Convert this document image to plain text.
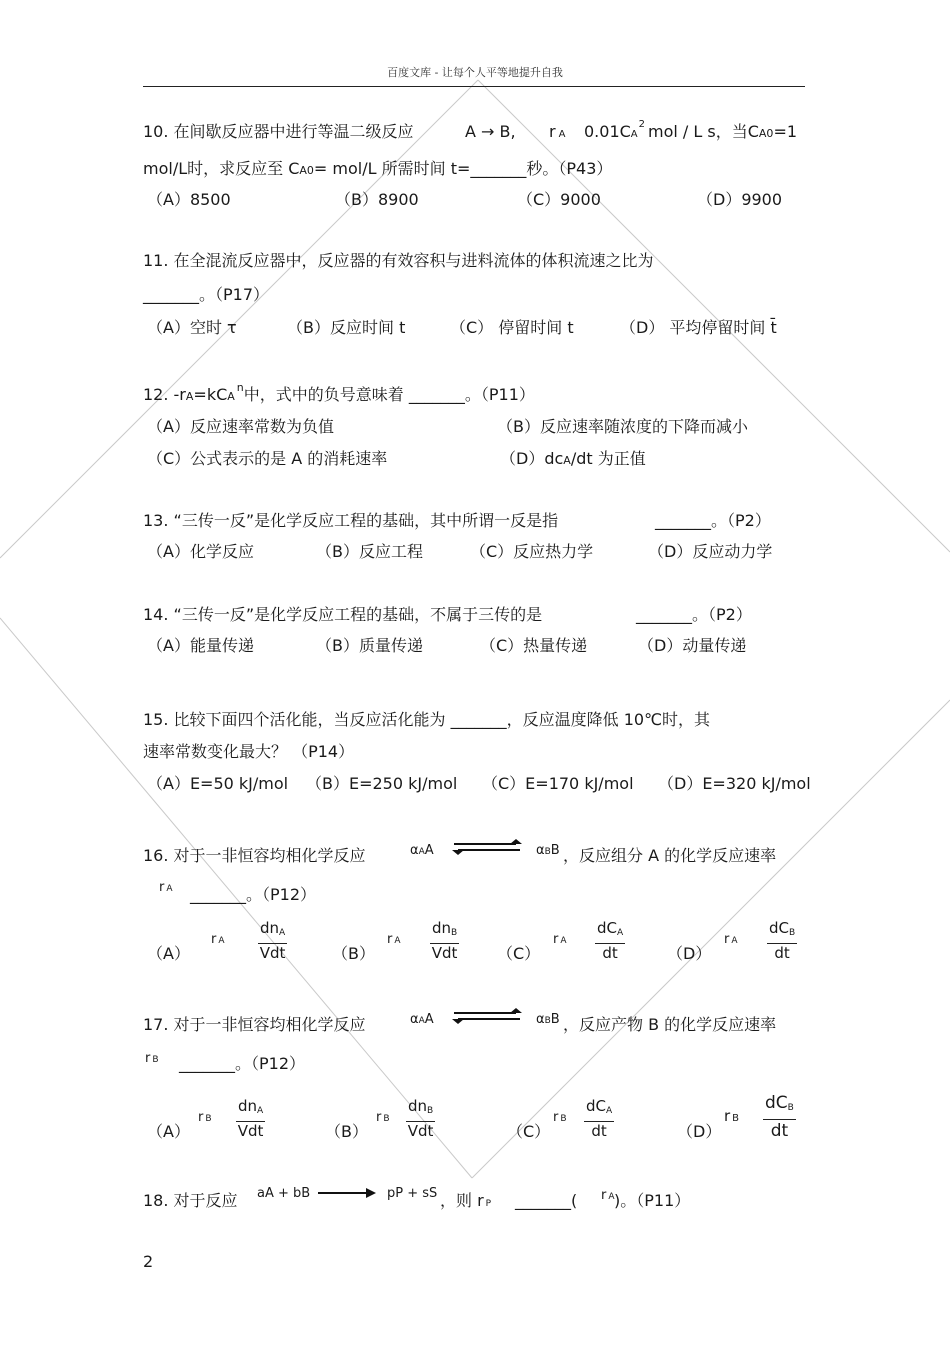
百度文库 - 让每个人平等地提升自我
10. 在间歇反应器中进行等温二级反应	A → B, r A $0.01CA^2$ mol / L s，当CA0=1
mol/L时，求反应至 CA0= mol/L 所需时间 t=_______秒。（P43）
（A）8500	（B）8900	（C）9000	（D）9900
11. 在全混流反应器中，反应器的有效容积与进料流体的体积流速之比为
_______。（P17）
（A）空时 τ	（B）反应时间 t	（C） 停留时间 t	（D） 平均停留时间 t̄
12. -rA=kCA$^n$中，式中的负号意味着 _______。（P11）
（A）反应速率常数为负值	（B）反应速率随浓度的下降而减小
（C）公式表示的是 A 的消耗速率	（D）dcA/dt 为正值
13. “三传一反”是化学反应工程的基础，其中所谓一反是指	_______。（P2）
（A）化学反应	（B）反应工程	（C）反应热力学	（D）反应动力学
14. “三传一反”是化学反应工程的基础，不属于三传的是	_______。（P2）
（A）能量传递	（B）质量传递	（C）热量传递	（D）动量传递
15. 比较下面四个活化能，当反应活化能为 _______，反应温度降低 10℃时，其
速率常数变化最大？ （P14）
（A）E=50 kJ/mol （B）E=250 kJ/mol （C）E=170 kJ/mol （D）E=320 kJ/mol
16. 对于一非恒容均相化学反应	αAA	αBB ，反应组分 A 的化学反应速率
r A _______。（P12）
（A）
r A
$dn_A$
Vdt	（B）
r A
$dn_B$
Vdt （C）
r A
$dC_A$
dt	（D）
r A
$dC_B$
dt
17. 对于一非恒容均相化学反应	αAA	αBB ，反应产物 B 的化学反应速率
r B _______。（P12）
（A）
r B
$dn_A$
Vdt	（B）
r B
$dn_B$
Vdt	（C）
r B
$dC_A$
dt	（D）
r B
$dC_B$
dt
18. 对于反应 aA + bB	pP + sS ，则 r P _______( r A )。（P11）
2
